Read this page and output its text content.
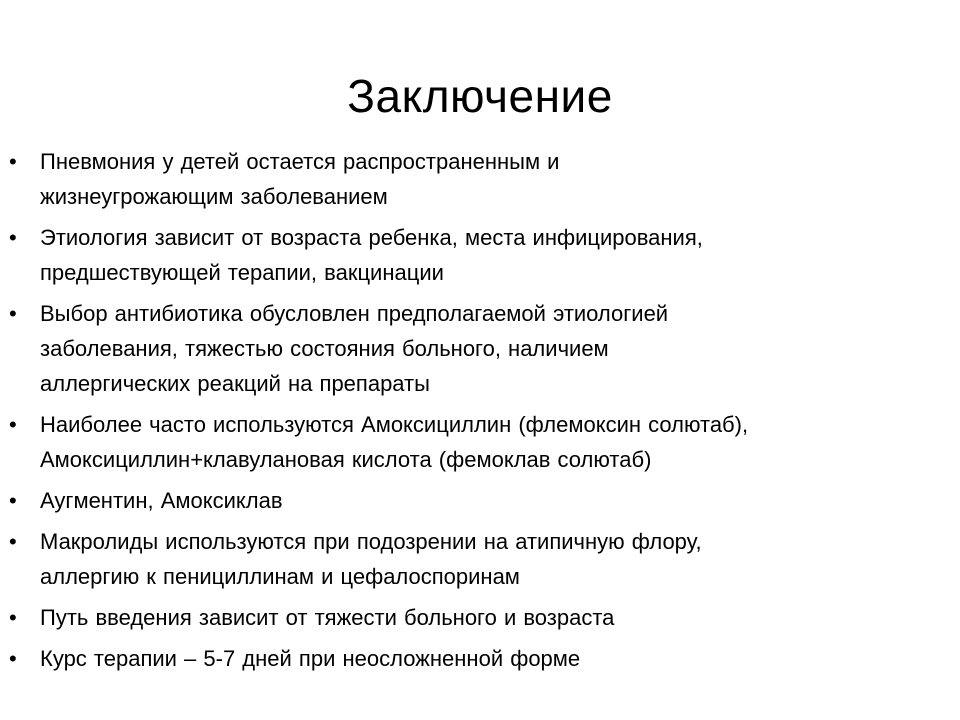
Заключение
• Пневмония у детей остается распространенным и
жизнеугрожающим заболеванием
• Этиология зависит от возраста ребенка, места инфицирования,
предшествующей терапии, вакцинации
• Выбор антибиотика обусловлен предполагаемой этиологией
заболевания, тяжестью состояния больного, наличием
аллергических реакций на препараты
• Наиболее часто используются Амоксициллин (флемоксин солютаб),
Амоксициллин+клавулановая кислота (фемоклав солютаб)
• Аугментин, Амоксиклав
• Макролиды используются при подозрении на атипичную флору,
аллергию к пенициллинам и цефалоспоринам
• Путь введения зависит от тяжести больного и возраста
• Курс терапии – 5-7 дней при неосложненной форме
